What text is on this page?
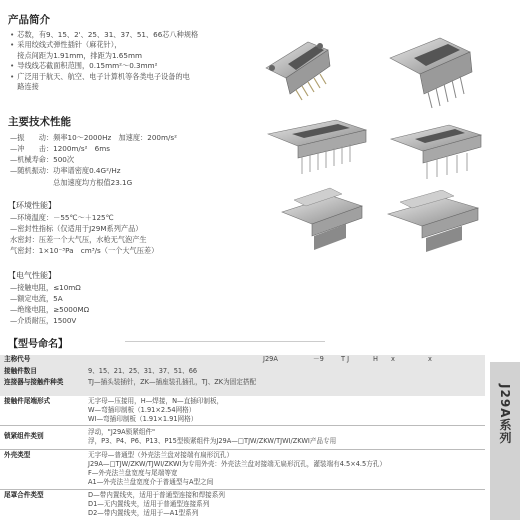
产品简介
• 芯数，有9、15、2'、25、31、37、51、66芯八种规格
• 采用绞线式弹性插针（麻花针），
接点间距为1.91mm，排距为1.65mm
• 导线线芯截面积范围，0.15mm²～0.3mm²
• 广泛用于航天、航空、电子计算机等各类电子设备的电
路连接
主要技术性能
—振　　动：频率10～2000Hz　加速度：200m/s²
—冲　　击：1200m/s²　6ms
—机械寿命：500次
—随机振动：功率谱密度0.4G²/Hz
　　　　　　总加速度均方根值23.1G
【环境性能】
—环境温度：－55℃～＋125℃
—密封性指标（仅适用于J29M系列产品）
水密封：压差一个大气压，水枪无气泡产生
气密封：1×10⁻³Pa　cm³/s（一个大气压差）
【电气性能】
—接触电阻，≤10mΩ
—额定电流，5A
—绝缘电阻，≥5000MΩ
—介质耐压，1500V
【型号命名】
主称代号	J29A	－9	T J	H x	x
接触件数目	9、15、21、25、31、37、51、66
连接器与接触件种类	TJ—插头装插针，ZK—插座装孔插孔，TJ、ZK为固定搭配
接触件尾端形式	无字母—压接用，H—焊接，N—直插印制板，
W—弯插印制板（1.91×2.54网格）
WI—弯插印制板（1.91×1.91网格）
锁紧组件类别	浮动，"J29A锁紧组件"
浮，P3、P4、P6、P13、P15型锁紧组件为J29A—□TJW/ZKW/TJWI/ZKWI产品专用
外壳类型	无字母—普通型（外壳法兰盘对接端有扁形沉孔）
J29A—□TJW/ZKW/TJWI/ZKWI为专用外壳：外壳法兰盘对接端无扁形沉孔，灌装端有4.5×4.5方孔）
F—外壳法兰盘宽度与尾端等宽
A1—外壳法兰盘宽度介于普通型与A型之间
尾罩合件类型	D—带内置线夹，适用于普通型连接和焊接系列
D1—无内置线夹，适用于普通型连接系列
D2—带内置线夹，适用于—A1型系列
J29A系列
